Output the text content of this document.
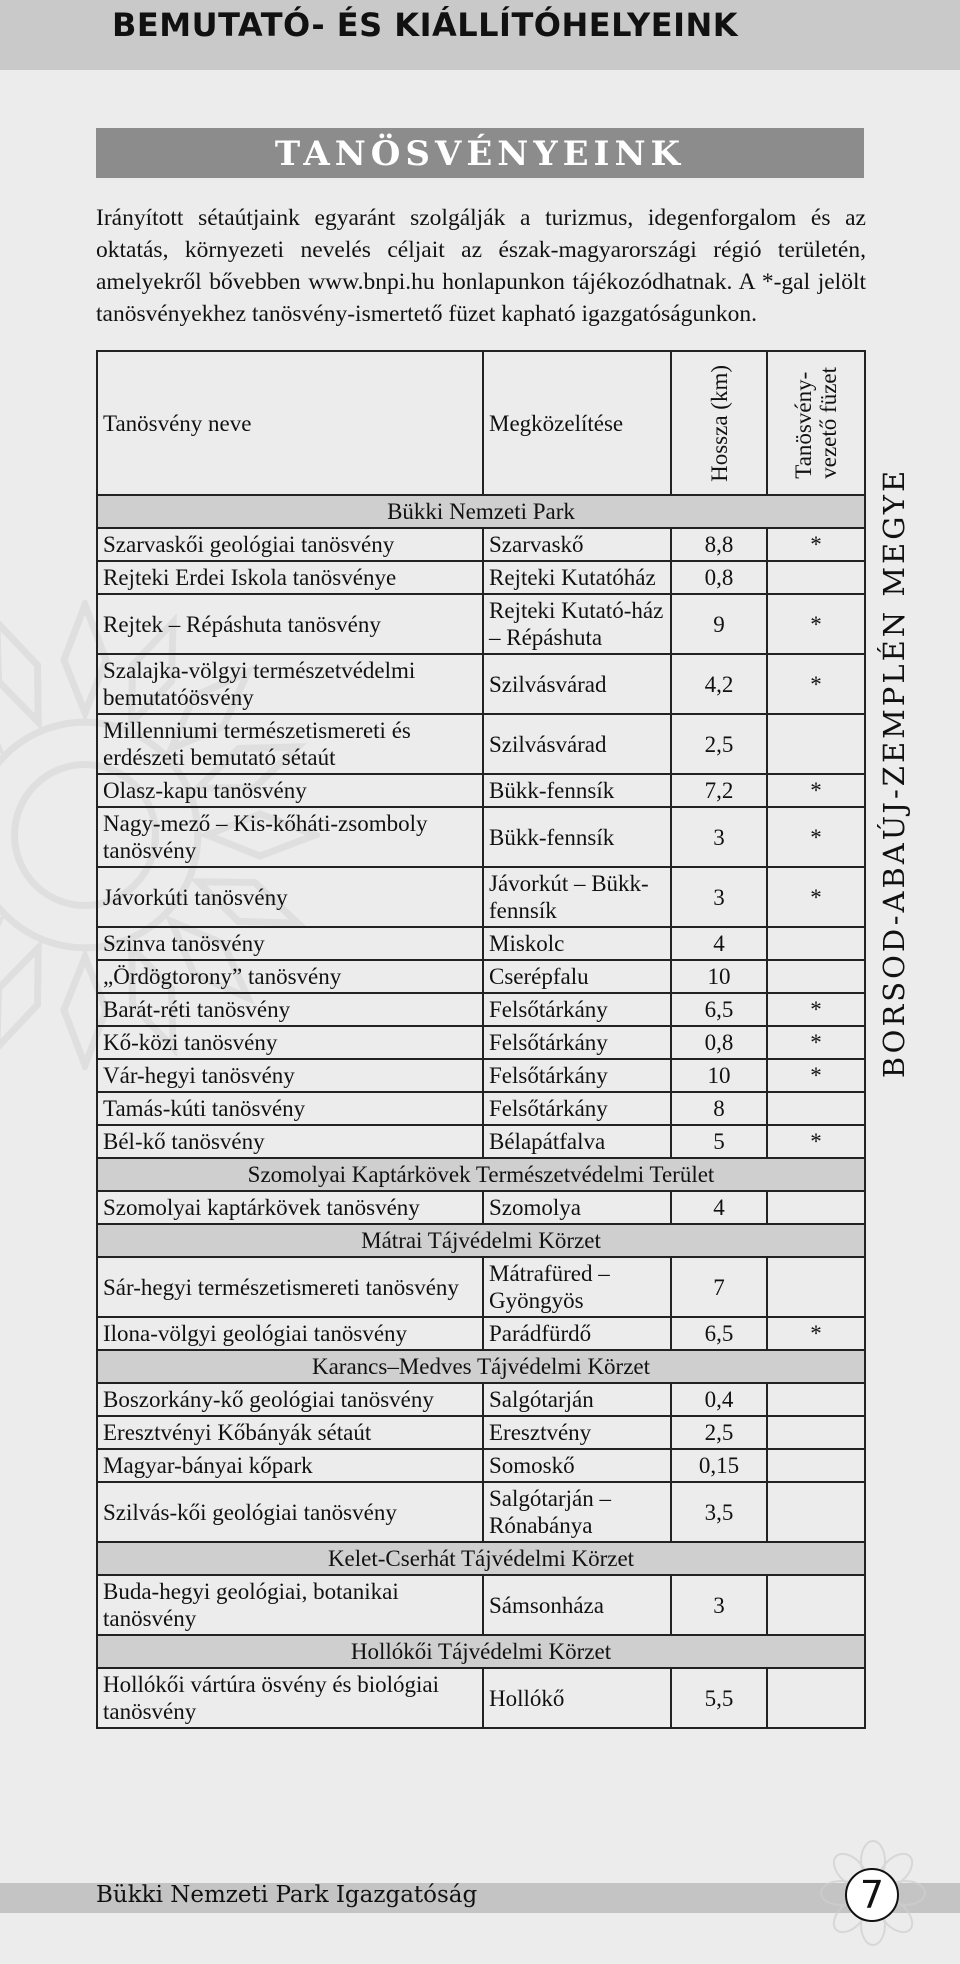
BEMUTATÓ- ÉS KIÁLLÍTÓHELYEINK
TANÖSVÉNYEINK

Irányított sétaútjaink egyaránt szolgálják a turizmus, idegenforgalom és az oktatás, környezeti nevelés céljait az észak-magyarországi régió területén, amelyekről bővebben www.bnpi.hu honlapunkon tájékozódhatnak. A *-gal jelölt tanösvényekhez tanösvény-ismertető füzet kapható igazgatóságunkon.

BORSOD-ABAÚJ-ZEMPLÉN MEGYE
Tanösvény neve	Megközelítése	Hossza (km)	Tanösvény-
vezető füzet

Bükki Nemzeti Park			
Szarvaskői geológiai tanösvény	Szarvaskő	8,8	*
Rejteki Erdei Iskola tanösvénye	Rejteki Kutatóház	0,8	
Rejtek – Répáshuta tanösvény	Rejteki Kutató-ház – Répáshuta	9	*
Szalajka-völgyi természetvédelmi bemutatóösvény	Szilvásvárad	4,2	*
Millenniumi természetismereti és erdészeti bemutató sétaút	Szilvásvárad	2,5	
Olasz-kapu tanösvény	Bükk-fennsík	7,2	*
Nagy-mező – Kis-kőháti-zsomboly tanösvény	Bükk-fennsík	3	*
Jávorkúti tanösvény	Jávorkút – Bükk-fennsík	3	*
Szinva tanösvény	Miskolc	4	
„Ördögtorony” tanösvény	Cserépfalu	10	
Barát-réti tanösvény	Felsőtárkány	6,5	*
Kő-közi tanösvény	Felsőtárkány	0,8	*
Vár-hegyi tanösvény	Felsőtárkány	10	*
Tamás-kúti tanösvény	Felsőtárkány	8	
Bél-kő tanösvény	Bélapátfalva	5	*
Szomolyai Kaptárkövek Természetvédelmi Terület			
Szomolyai kaptárkövek tanösvény	Szomolya	4	
Mátrai Tájvédelmi Körzet			
Sár-hegyi természetismereti tanösvény	Mátrafüred – Gyöngyös	7	
Ilona-völgyi geológiai tanösvény	Parádfürdő	6,5	*
Karancs–Medves Tájvédelmi Körzet			
Boszorkány-kő geológiai tanösvény	Salgótarján	0,4	
Eresztvényi Kőbányák sétaút	Eresztvény	2,5	
Magyar-bányai kőpark	Somoskő	0,15	
Szilvás-kői geológiai tanösvény	Salgótarján – Rónabánya	3,5	
Kelet-Cserhát Tájvédelmi Körzet			
Buda-hegyi geológiai, botanikai tanösvény	Sámsonháza	3	
Hollókői Tájvédelmi Körzet			
Hollókői vártúra ösvény és biológiai tanösvény	Hollókő	5,5	
Bükki Nemzeti Park Igazgatóság	7
